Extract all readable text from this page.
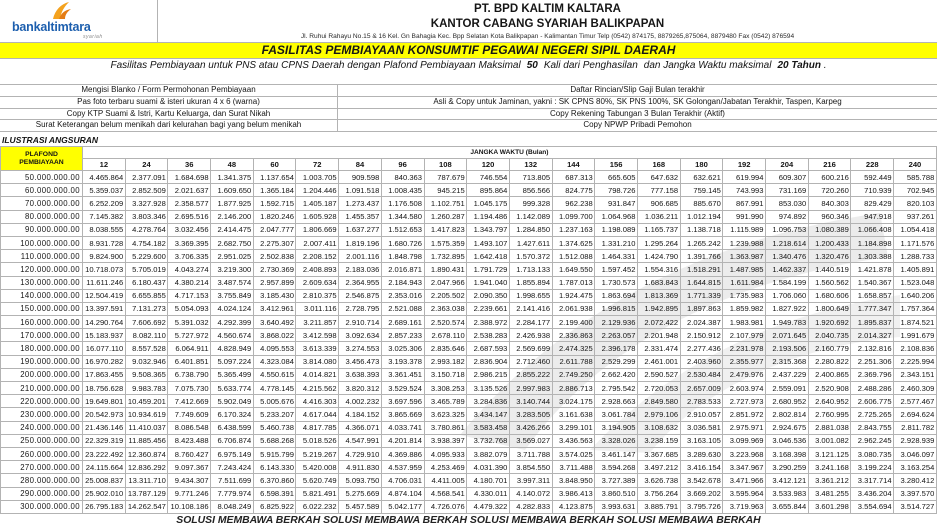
bankaltimtara
syariah
PT. BPD KALTIM KALTARA
KANTOR CABANG SYARIAH BALIKPAPAN
Jl. Ruhui Rahayu No.15 & 16 Kel. Gn Bahagia Kec. Bpp Selatan Kota Balikpapan - Kalimantan Timur Telp (0542) 874175, 8879265,875064, 8879480 Fax (0542) 876594
FASILITAS PEMBIAYAAN KONSUMTIF PEGAWAI NEGERI SIPIL DAERAH
Fasilitas Pembiayaan untuk PNS atau CPNS Daerah dengan Plafond Pembiayaan Maksimal 50 Kali dari Penghasilan dan Jangka Waktu maksimal 20 Tahun .
Mengisi Blanko / Form Permohonan Pembiayaan	Daftar Rincian/Slip Gaji Bulan terakhir
Pas foto terbaru suami & isteri ukuran 4 x 6 (warna)	Asli & Copy untuk Jaminan, yakni : SK CPNS 80%, SK PNS 100%, SK Golongan/Jabatan Terakhir, Taspen, Karpeg
Copy KTP Suami & Istri, Kartu Keluarga, dan Surat Nikah	Copy Rekening Tabungan 3 Bulan Terakhir (Aktif)
Surat Keterangan belum menikah dari kelurahan bagi yang belum menikah	Copy NPWP Pribadi Pemohon
ILUSTRASI ANGSURAN
PLAFOND PEMBIAYAAN	JANGKA WAKTU (Bulan)																			
	12	24	36	48	60	72	84	96	108	120	132	144	156	168	180	192	204	216	228	240
50.000.000.00	4.465.864	2.377.091	1.684.698	1.341.375	1.137.654	1.003.705	909.598	840.363	787.679	746.554	713.805	687.313	665.605	647.632	632.621	619.994	609.307	600.216	592.449	585.788
60.000.000.00	5.359.037	2.852.509	2.021.637	1.609.650	1.365.184	1.204.446	1.091.518	1.008.435	945.215	895.864	856.566	824.775	798.726	777.158	759.145	743.993	731.169	720.260	710.939	702.945
70.000.000.00	6.252.209	3.327.928	2.358.577	1.877.925	1.592.715	1.405.187	1.273.437	1.176.508	1.102.751	1.045.175	999.328	962.238	931.847	906.685	885.670	867.991	853.030	840.303	829.429	820.103
80.000.000.00	7.145.382	3.803.346	2.695.516	2.146.200	1.820.246	1.605.928	1.455.357	1.344.580	1.260.287	1.194.486	1.142.089	1.099.700	1.064.968	1.036.211	1.012.194	991.990	974.892	960.346	947.918	937.261
90.000.000.00	8.038.555	4.278.764	3.032.456	2.414.475	2.047.777	1.806.669	1.637.277	1.512.653	1.417.823	1.343.797	1.284.850	1.237.163	1.198.089	1.165.737	1.138.718	1.115.989	1.096.753	1.080.389	1.066.408	1.054.418
100.000.000.00	8.931.728	4.754.182	3.369.395	2.682.750	2.275.307	2.007.411	1.819.196	1.680.726	1.575.359	1.493.107	1.427.611	1.374.625	1.331.210	1.295.264	1.265.242	1.239.988	1.218.614	1.200.433	1.184.898	1.171.576
110.000.000.00	9.824.900	5.229.600	3.706.335	2.951.025	2.502.838	2.208.152	2.001.116	1.848.798	1.732.895	1.642.418	1.570.372	1.512.088	1.464.331	1.424.790	1.391.766	1.363.987	1.340.476	1.320.476	1.303.388	1.288.733
120.000.000.00	10.718.073	5.705.019	4.043.274	3.219.300	2.730.369	2.408.893	2.183.036	2.016.871	1.890.431	1.791.729	1.713.133	1.649.550	1.597.452	1.554.316	1.518.291	1.487.985	1.462.337	1.440.519	1.421.878	1.405.891
130.000.000.00	11.611.246	6.180.437	4.380.214	3.487.574	2.957.899	2.609.634	2.364.955	2.184.943	2.047.966	1.941.040	1.855.894	1.787.013	1.730.573	1.683.843	1.644.815	1.611.984	1.584.199	1.560.562	1.540.367	1.523.048
140.000.000.00	12.504.419	6.655.855	4.717.153	3.755.849	3.185.430	2.810.375	2.546.875	2.353.016	2.205.502	2.090.350	1.998.655	1.924.475	1.863.694	1.813.369	1.771.339	1.735.983	1.706.060	1.680.606	1.658.857	1.640.206
150.000.000.00	13.397.591	7.131.273	5.054.093	4.024.124	3.412.961	3.011.116	2.728.795	2.521.088	2.363.038	2.239.661	2.141.416	2.061.938	1.996.815	1.942.895	1.897.863	1.859.982	1.827.922	1.800.649	1.777.347	1.757.364
160.000.000.00	14.290.764	7.606.692	5.391.032	4.292.399	3.640.492	3.211.857	2.910.714	2.689.161	2.520.574	2.388.972	2.284.177	2.199.400	2.129.936	2.072.422	2.024.387	1.983.981	1.949.783	1.920.692	1.895.837	1.874.521
170.000.000.00	15.183.937	8.082.110	5.727.972	4.560.674	3.868.022	3.412.598	3.092.634	2.857.233	2.678.110	2.538.283	2.426.938	2.336.863	2.263.057	2.201.948	2.150.912	2.107.979	2.071.645	2.040.735	2.014.327	1.991.679
180.000.000.00	16.077.110	8.557.528	6.064.911	4.828.949	4.095.553	3.613.339	3.274.553	3.025.306	2.835.646	2.687.593	2.569.699	2.474.325	2.396.178	2.331.474	2.277.436	2.231.978	2.193.506	2.160.779	2.132.816	2.108.836
190.000.000.00	16.970.282	9.032.946	6.401.851	5.097.224	4.323.084	3.814.080	3.456.473	3.193.378	2.993.182	2.836.904	2.712.460	2.611.788	2.529.299	2.461.001	2.403.960	2.355.977	2.315.368	2.280.822	2.251.306	2.225.994
200.000.000.00	17.863.455	9.508.365	6.738.790	5.365.499	4.550.615	4.014.821	3.638.393	3.361.451	3.150.718	2.986.215	2.855.222	2.749.250	2.662.420	2.590.527	2.530.484	2.479.976	2.437.229	2.400.865	2.369.796	2.343.151
210.000.000.00	18.756.628	9.983.783	7.075.730	5.633.774	4.778.145	4.215.562	3.820.312	3.529.524	3.308.253	3.135.526	2.997.983	2.886.713	2.795.542	2.720.053	2.657.009	2.603.974	2.559.091	2.520.908	2.488.286	2.460.309
220.000.000.00	19.649.801	10.459.201	7.412.669	5.902.049	5.005.676	4.416.303	4.002.232	3.697.596	3.465.789	3.284.836	3.140.744	3.024.175	2.928.663	2.849.580	2.783.533	2.727.973	2.680.952	2.640.952	2.606.775	2.577.467
230.000.000.00	20.542.973	10.934.619	7.749.609	6.170.324	5.233.207	4.617.044	4.184.152	3.865.669	3.623.325	3.434.147	3.283.505	3.161.638	3.061.784	2.979.106	2.910.057	2.851.972	2.802.814	2.760.995	2.725.265	2.694.624
240.000.000.00	21.436.146	11.410.037	8.086.548	6.438.599	5.460.738	4.817.785	4.366.071	4.033.741	3.780.861	3.583.458	3.426.266	3.299.101	3.194.905	3.108.632	3.036.581	2.975.971	2.924.675	2.881.038	2.843.755	2.811.782
250.000.000.00	22.329.319	11.885.456	8.423.488	6.706.874	5.688.268	5.018.526	4.547.991	4.201.814	3.938.397	3.732.768	3.569.027	3.436.563	3.328.026	3.238.159	3.163.105	3.099.969	3.046.536	3.001.082	2.962.245	2.928.939
260.000.000.00	23.222.492	12.360.874	8.760.427	6.975.149	5.915.799	5.219.267	4.729.910	4.369.886	4.095.933	3.882.079	3.711.788	3.574.025	3.461.147	3.367.685	3.289.630	3.223.968	3.168.398	3.121.125	3.080.735	3.046.097
270.000.000.00	24.115.664	12.836.292	9.097.367	7.243.424	6.143.330	5.420.008	4.911.830	4.537.959	4.253.469	4.031.390	3.854.550	3.711.488	3.594.268	3.497.212	3.416.154	3.347.967	3.290.259	3.241.168	3.199.224	3.163.254
280.000.000.00	25.008.837	13.311.710	9.434.307	7.511.699	6.370.860	5.620.749	5.093.750	4.706.031	4.411.005	4.180.701	3.997.311	3.848.950	3.727.389	3.626.738	3.542.678	3.471.966	3.412.121	3.361.212	3.317.714	3.280.412
290.000.000.00	25.902.010	13.787.129	9.771.246	7.779.974	6.598.391	5.821.491	5.275.669	4.874.104	4.568.541	4.330.011	4.140.072	3.986.413	3.860.510	3.756.264	3.669.202	3.595.964	3.533.983	3.481.255	3.436.204	3.397.570
300.000.000.00	26.795.183	14.262.547	10.108.186	8.048.249	6.825.922	6.022.232	5.457.589	5.042.177	4.726.076	4.479.322	4.282.833	4.123.875	3.993.631	3.885.791	3.795.726	3.719.963	3.655.844	3.601.298	3.554.694	3.514.727
SOLUSI MEMBAWA BERKAH SOLUSI MEMBAWA BERKAH SOLUSI MEMBAWA BERKAH SOLUSI MEMBAWA BERKAH
